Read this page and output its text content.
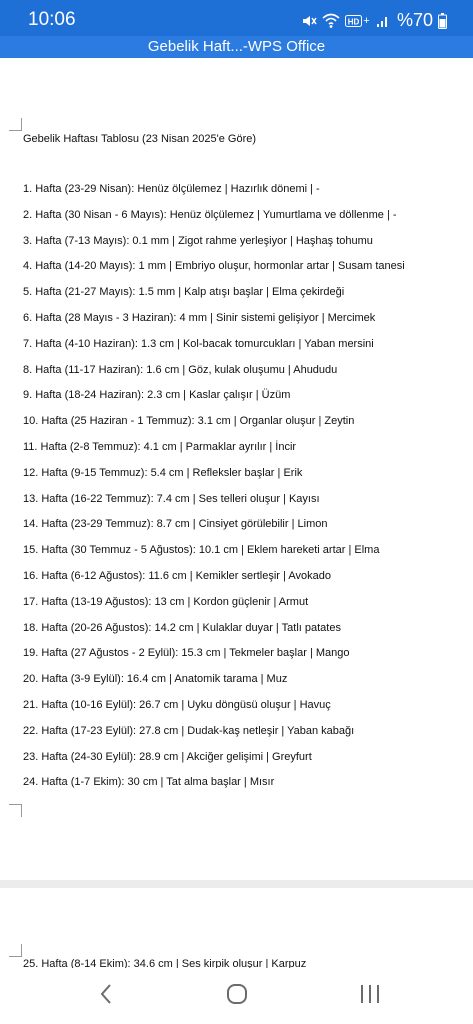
10:06	HD + %70
Gebelik Haft...-WPS Office
Gebelik Haftası Tablosu (23 Nisan 2025'e Göre)
1. Hafta (23-29 Nisan): Henüz ölçülemez | Hazırlık dönemi | -
2. Hafta (30 Nisan - 6 Mayıs): Henüz ölçülemez | Yumurtlama ve döllenme | -
3. Hafta (7-13 Mayıs): 0.1 mm | Zigot rahme yerleşiyor | Haşhaş tohumu
4. Hafta (14-20 Mayıs): 1 mm | Embriyo oluşur, hormonlar artar | Susam tanesi
5. Hafta (21-27 Mayıs): 1.5 mm | Kalp atışı başlar | Elma çekirdeği
6. Hafta (28 Mayıs - 3 Haziran): 4 mm | Sinir sistemi gelişiyor | Mercimek
7. Hafta (4-10 Haziran): 1.3 cm | Kol-bacak tomurcukları | Yaban mersini
8. Hafta (11-17 Haziran): 1.6 cm | Göz, kulak oluşumu | Ahududu
9. Hafta (18-24 Haziran): 2.3 cm | Kaslar çalışır | Üzüm
10. Hafta (25 Haziran - 1 Temmuz): 3.1 cm | Organlar oluşur | Zeytin
11. Hafta (2-8 Temmuz): 4.1 cm | Parmaklar ayrılır | İncir
12. Hafta (9-15 Temmuz): 5.4 cm | Refleksler başlar | Erik
13. Hafta (16-22 Temmuz): 7.4 cm | Ses telleri oluşur | Kayısı
14. Hafta (23-29 Temmuz): 8.7 cm | Cinsiyet görülebilir | Limon
15. Hafta (30 Temmuz - 5 Ağustos): 10.1 cm | Eklem hareketi artar | Elma
16. Hafta (6-12 Ağustos): 11.6 cm | Kemikler sertleşir | Avokado
17. Hafta (13-19 Ağustos): 13 cm | Kordon güçlenir | Armut
18. Hafta (20-26 Ağustos): 14.2 cm | Kulaklar duyar | Tatlı patates
19. Hafta (27 Ağustos - 2 Eylül): 15.3 cm | Tekmeler başlar | Mango
20. Hafta (3-9 Eylül): 16.4 cm | Anatomik tarama | Muz
21. Hafta (10-16 Eylül): 26.7 cm | Uyku döngüsü oluşur | Havuç
22. Hafta (17-23 Eylül): 27.8 cm | Dudak-kaş netleşir | Yaban kabağı
23. Hafta (24-30 Eylül): 28.9 cm | Akciğer gelişimi | Greyfurt
24. Hafta (1-7 Ekim): 30 cm | Tat alma başlar | Mısır
25. Hafta (8-14 Ekim): 34.6 cm | Ses kirpik oluşur | Karpuz
